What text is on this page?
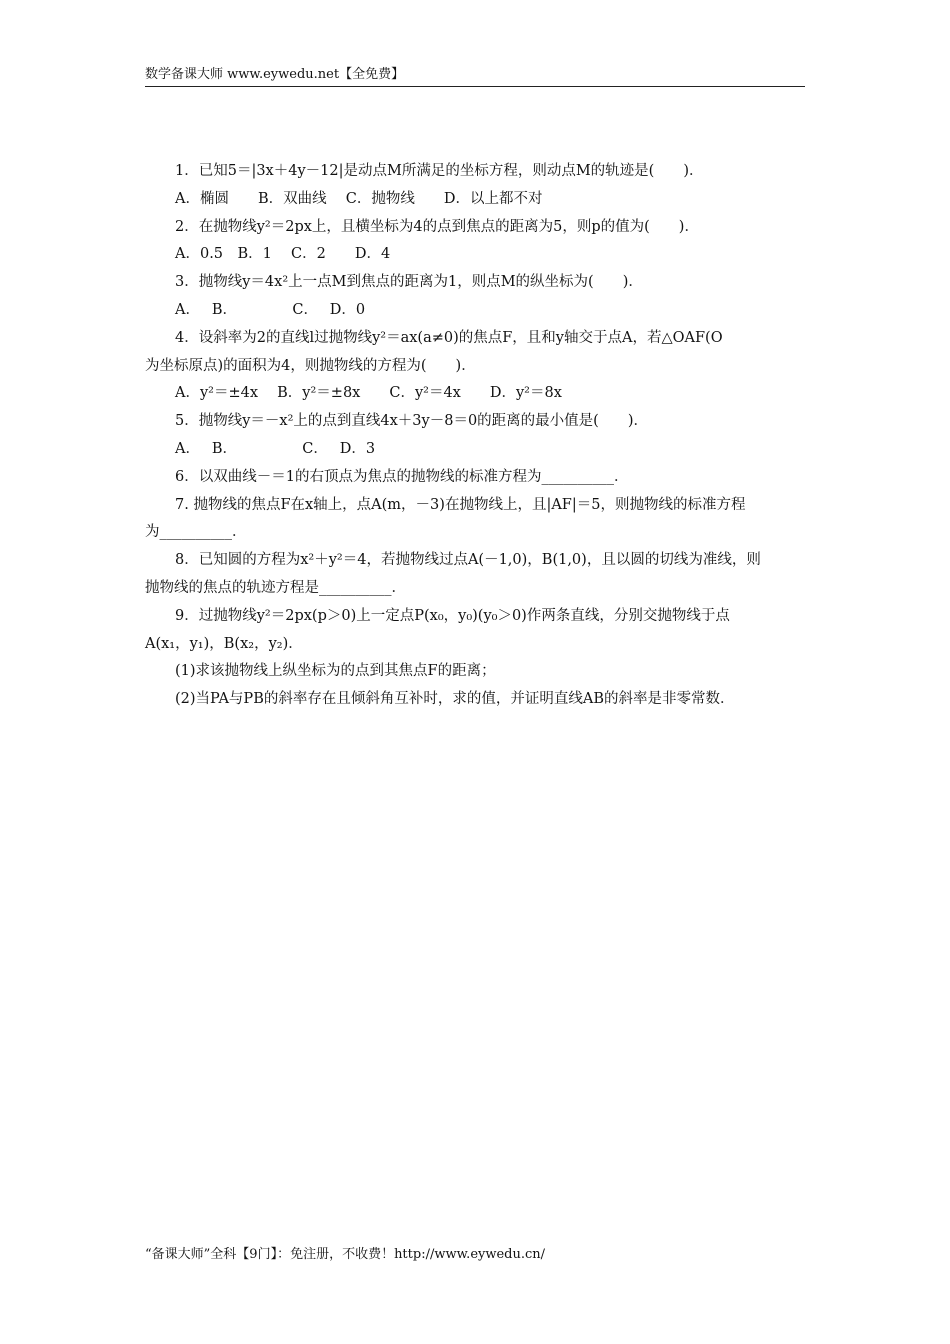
数学备课大师 www.eywedu.net【全免费】

1．已知5＝|3x＋4y－12|是动点M所满足的坐标方程，则动点M的轨迹是(　　)．

A．椭圆　　B．双曲线　 C．抛物线　　D．以上都不对

2．在抛物线y²＝2px上，且横坐标为4的点到焦点的距离为5，则p的值为(　　)．

A．0.5　B．1　 C．2　　D．4

3．抛物线y＝4x²上一点M到焦点的距离为1，则点M的纵坐标为(　　)．

A．　 B．　　　　 C．　 D．0

4．设斜率为2的直线l过抛物线y²＝ax(a≠0)的焦点F，且和y轴交于点A，若△OAF(O

为坐标原点)的面积为4，则抛物线的方程为(　　)．

A．y²＝±4x　 B．y²＝±8x　　C．y²＝4x　　D．y²＝8x

5．抛物线y＝－x²上的点到直线4x＋3y－8＝0的距离的最小值是(　　)．

A．　 B．　　　　　C．　 D．3

6．以双曲线－＝1的右顶点为焦点的抛物线的标准方程为__________．

7. 抛物线的焦点F在x轴上，点A(m，－3)在抛物线上，且|AF|＝5，则抛物线的标准方程

为__________．

8．已知圆的方程为x²＋y²＝4，若抛物线过点A(－1,0)，B(1,0)，且以圆的切线为准线，则

抛物线的焦点的轨迹方程是__________．

9．过抛物线y²＝2px(p＞0)上一定点P(x₀，y₀)(y₀＞0)作两条直线，分别交抛物线于点

A(x₁，y₁)，B(x₂，y₂)．

(1)求该抛物线上纵坐标为的点到其焦点F的距离；

(2)当PA与PB的斜率存在且倾斜角互补时，求的值，并证明直线AB的斜率是非零常数．

“备课大师”全科【9门】：免注册，不收费！http://www.eywedu.cn/
